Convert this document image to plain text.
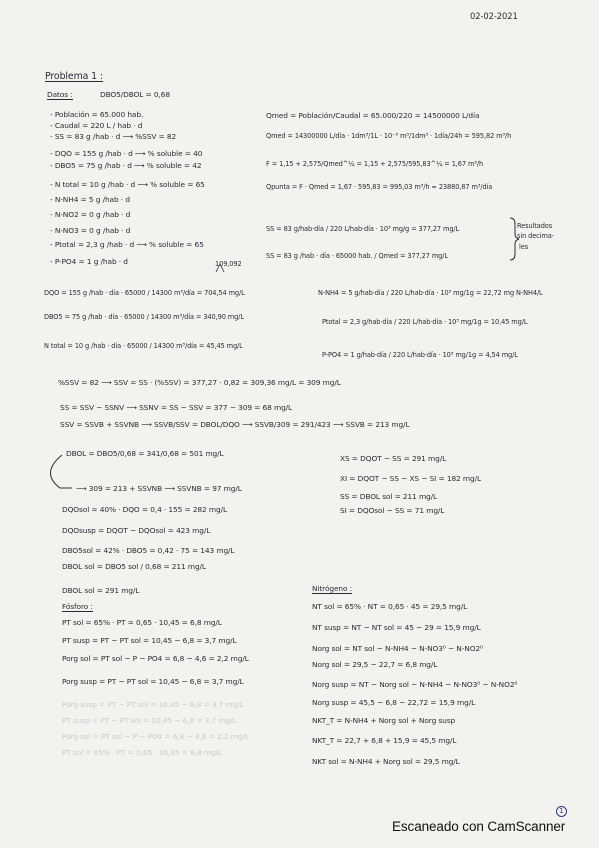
02-02-2021
Problema 1 :
Datos :	DBO5/DBOL = 0,68
- Población = 65.000 hab.
- Caudal = 220 L / hab · d
- SS = 83 g /hab · d ⟶ %SSV = 82
- DQO = 155 g /hab · d ⟶ % soluble = 40
- DBO5 = 75 g /hab · d ⟶ % soluble = 42
- N total = 10 g /hab · d ⟶ % soluble = 65
- N-NH4 = 5 g /hab · d
- N-NO2 = 0 g /hab · d
- N-NO3 = 0 g /hab · d
- Ptotal = 2,3 g /hab · d ⟶ % soluble = 65
- P-PO4 = 1 g /hab · d
Qmed = Población/Caudal = 65.000/220 = 14500000 L/día
Qmed = 14300000 L/día · 1dm³/1L · 10⁻³ m³/1dm³ · 1día/24h = 595,82 m³/h
F = 1,15 + 2,575/Qmed^¼ = 1,15 + 2,575/595,83^¼ = 1,67 m³/h
Qpunta = F · Qmed = 1,67 · 595,83 = 995,03 m³/h ≈ 23880,87 m³/día
SS = 83 g/hab·día / 220 L/hab·día · 10³ mg/g = 377,27 mg/L
SS = 83 g /hab · día · 65000 hab. / Qmed = 377,27 mg/L
Resultados
sin decima-
les
109,092
DQO = 155 g /hab · día · 65000 / 14300 m³/día = 704,54 mg/L
DBO5 = 75 g /hab · día · 65000 / 14300 m³/día = 340,90 mg/L
N total = 10 g /hab · día · 65000 / 14300 m³/día = 45,45 mg/L
N-NH4 = 5 g/hab·día / 220 L/hab·día · 10³ mg/1g = 22,72 mg N-NH4/L
Ptotal = 2,3 g/hab·día / 220 L/hab·día · 10³ mg/1g = 10,45 mg/L
P-PO4 = 1 g/hab·día / 220 L/hab·día · 10³ mg/1g = 4,54 mg/L
%SSV = 82 ⟶ SSV = SS · (%SSV) = 377,27 · 0,82 = 309,36 mg/L = 309 mg/L
SS = SSV − SSNV ⟶ SSNV = SS − SSV = 377 − 309 = 68 mg/L
SSV = SSVB + SSVNB ⟶ SSVB/SSV = DBOL/DQO ⟶ SSVB/309 = 291/423 ⟶ SSVB = 213 mg/L
DBOL = DBO5/0,68 = 341/0,68 = 501 mg/L
⟶ 309 = 213 + SSVNB ⟶ SSVNB = 97 mg/L
DQOsol = 40% · DQO = 0,4 · 155 = 282 mg/L
DQOsusp = DQOT − DQOsol = 423 mg/L
DBO5sol = 42% · DBO5 = 0,42 · 75 = 143 mg/L
DBOL sol = DBO5 sol / 0,68 = 211 mg/L
DBOL sol = 291 mg/L
XS = DQOT − SS = 291 mg/L
XI = DQOT − SS − XS − SI = 182 mg/L
SS = DBOL sol = 211 mg/L
SI = DQOsol − SS = 71 mg/L
Fósforo :
PT sol = 65% · PT = 0,65 · 10,45 = 6,8 mg/L
PT susp = PT − PT sol = 10,45 − 6,8 = 3,7 mg/L
Porg sol = PT sol − P − PO4 = 6,8 − 4,6 = 2,2 mg/L
Porg susp = PT − PT sol = 10,45 − 6,8 = 3,7 mg/L
Porg susp = PT − PT sol = 10,45 − 6,8 = 3,7 mg/L
PT susp = PT − PT sol = 10,45 − 6,8 = 3,7 mg/L
Porg sol = PT sol − P − PO4 = 6,8 − 4,6 = 2,2 mg/L
PT sol = 65% · PT = 0,65 · 10,45 = 6,8 mg/L
Nitrógeno :
NT sol = 65% · NT = 0,65 · 45 = 29,5 mg/L
NT susp = NT − NT sol = 45 − 29 = 15,9 mg/L
Norg sol = NT sol − N-NH4 − N-NO3⁰ − N-NO2⁰
Norg sol = 29,5 − 22,7 = 6,8 mg/L
Norg susp = NT − Norg sol − N-NH4 − N-NO3⁰ − N-NO2⁰
Norg susp = 45,5 − 6,8 − 22,72 = 15,9 mg/L
NKT_T = N-NH4 + Norg sol + Norg susp
NKT_T = 22,7 + 6,8 + 15,9 = 45,5 mg/L
NKT sol = N-NH4 + Norg sol = 29,5 mg/L
1
Escaneado con CamScanner
